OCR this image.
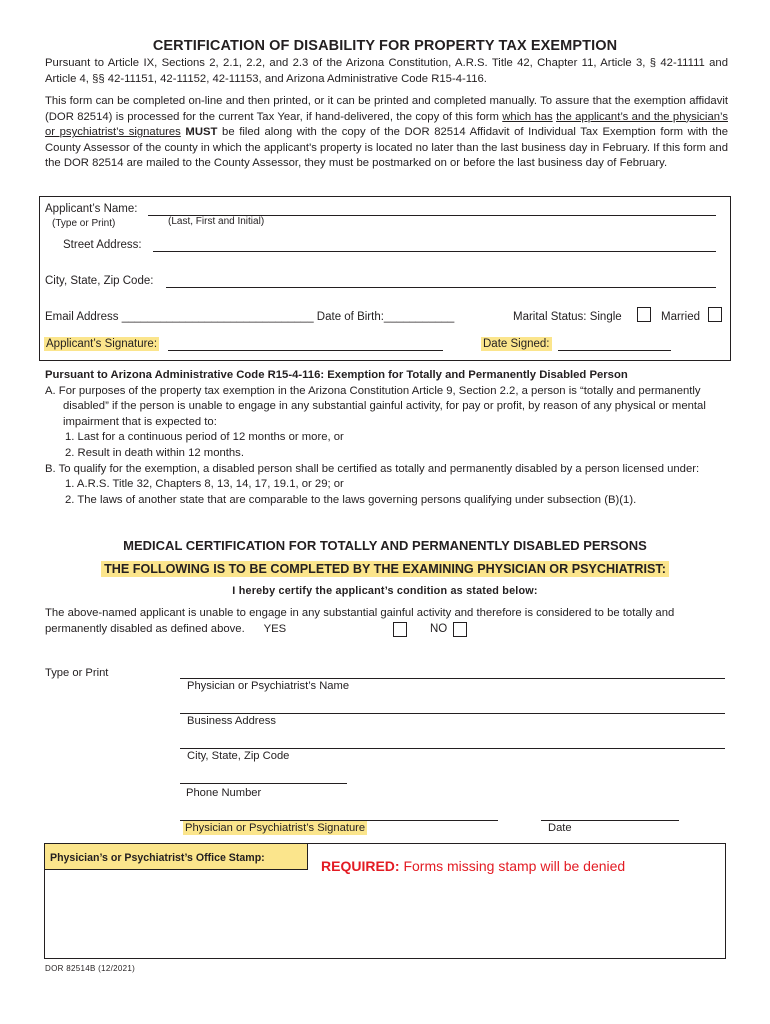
CERTIFICATION OF DISABILITY FOR PROPERTY TAX EXEMPTION
Pursuant to Article IX, Sections 2, 2.1, 2.2, and 2.3 of the Arizona Constitution, A.R.S. Title 42, Chapter 11, Article 3, § 42-11111 and Article 4, §§ 42-11151, 42-11152, 42-11153, and Arizona Administrative Code R15-4-116.
This form can be completed on-line and then printed, or it can be printed and completed manually. To assure that the exemption affidavit (DOR 82514) is processed for the current Tax Year, if hand-delivered, the copy of this form which has the applicant’s and the physician’s or psychiatrist’s signatures MUST be filed along with the copy of the DOR 82514 Affidavit of Individual Tax Exemption form with the County Assessor of the county in which the applicant's property is located no later than the last business day in February. If this form and the DOR 82514 are mailed to the County Assessor, they must be postmarked on or before the last business day of February.
Applicant’s Name:
(Type or Print)	(Last, First and Initial)
Street Address:
City, State, Zip Code:
Email Address ______________________________ Date of Birth:___________	Marital Status: Single	Married
Applicant’s Signature:	Date Signed:
Pursuant to Arizona Administrative Code R15-4-116: Exemption for Totally and Permanently Disabled Person
A. For purposes of the property tax exemption in the Arizona Constitution Article 9, Section 2.2, a person is “totally and permanently disabled” if the person is unable to engage in any substantial gainful activity, for pay or profit, by reason of any physical or mental impairment that is expected to:
1. Last for a continuous period of 12 months or more, or
2. Result in death within 12 months.
B. To qualify for the exemption, a disabled person shall be certified as totally and permanently disabled by a person licensed under:
1. A.R.S. Title 32, Chapters 8, 13, 14, 17, 19.1, or 29; or
2. The laws of another state that are comparable to the laws governing persons qualifying under subsection (B)(1).
MEDICAL CERTIFICATION FOR TOTALLY AND PERMANENTLY DISABLED PERSONS
THE FOLLOWING IS TO BE COMPLETED BY THE EXAMINING PHYSICIAN OR PSYCHIATRIST:
I hereby certify the applicant’s condition as stated below:
The above-named applicant is unable to engage in any substantial gainful activity and therefore is considered to be totally and permanently disabled as defined above. YES	NO
Type or Print
Physician or Psychiatrist’s Name
Business Address
City, State, Zip Code
Phone Number
Physician or Psychiatrist’s Signature	Date
Physician’s or Psychiatrist’s Office Stamp:	REQUIRED: Forms missing stamp will be denied
DOR 82514B (12/2021)
